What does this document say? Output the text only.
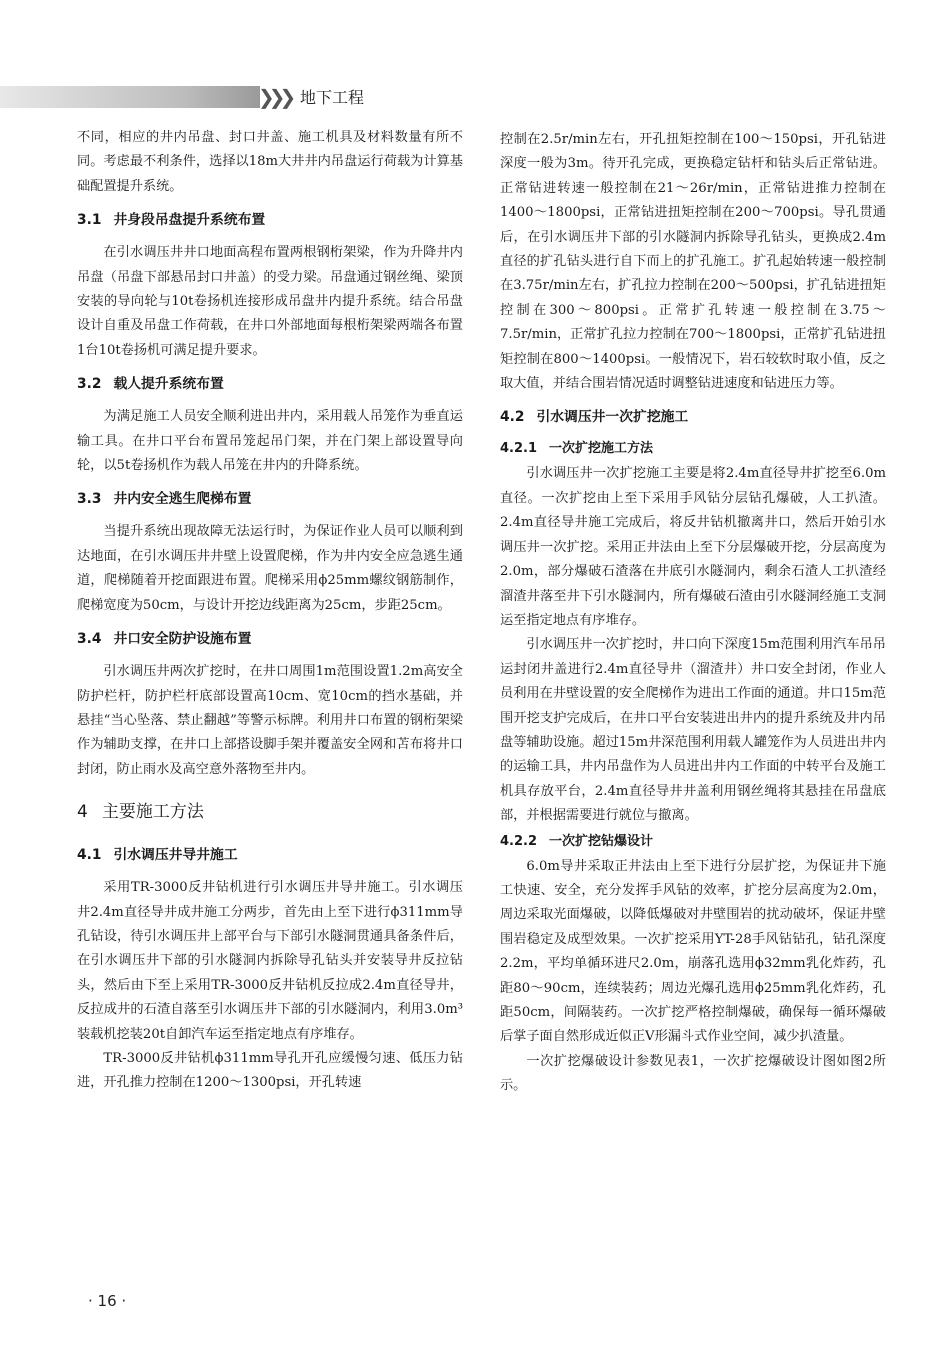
❯❯❯ 地下工程

不同，相应的井内吊盘、封口井盖、施工机具及材料数量有所不同。考虑最不利条件，选择以18m大井井内吊盘运行荷载为计算基础配置提升系统。

3.1 井身段吊盘提升系统布置

在引水调压井井口地面高程布置两根钢桁架梁，作为升降井内吊盘（吊盘下部悬吊封口井盖）的受力梁。吊盘通过钢丝绳、梁顶安装的导向轮与10t卷扬机连接形成吊盘井内提升系统。结合吊盘设计自重及吊盘工作荷载，在井口外部地面每根桁架梁两端各布置1台10t卷扬机可满足提升要求。

3.2 载人提升系统布置

为满足施工人员安全顺利进出井内，采用载人吊笼作为垂直运输工具。在井口平台布置吊笼起吊门架，并在门架上部设置导向轮，以5t卷扬机作为载人吊笼在井内的升降系统。

3.3 井内安全逃生爬梯布置

当提升系统出现故障无法运行时，为保证作业人员可以顺利到达地面，在引水调压井井壁上设置爬梯，作为井内安全应急逃生通道，爬梯随着开挖面跟进布置。爬梯采用ϕ25mm螺纹钢筋制作，爬梯宽度为50cm，与设计开挖边线距离为25cm，步距25cm。

3.4 井口安全防护设施布置

引水调压井两次扩挖时，在井口周围1m范围设置1.2m高安全防护栏杆，防护栏杆底部设置高10cm、宽10cm的挡水基础，并悬挂“当心坠落、禁止翻越”等警示标牌。利用井口布置的钢桁架梁作为辅助支撑，在井口上部搭设脚手架并覆盖安全网和苫布将井口封闭，防止雨水及高空意外落物至井内。

4 主要施工方法
4.1 引水调压井导井施工

采用TR-3000反井钻机进行引水调压井导井施工。引水调压井2.4m直径导井成井施工分两步，首先由上至下进行ϕ311mm导孔钻设，待引水调压井上部平台与下部引水隧洞贯通具备条件后，在引水调压井下部的引水隧洞内拆除导孔钻头并安装导井反拉钻头，然后由下至上采用TR-3000反井钻机反拉成2.4m直径导井，反拉成井的石渣自落至引水调压井下部的引水隧洞内，利用3.0m³装载机挖装20t自卸汽车运至指定地点有序堆存。

TR-3000反井钻机ϕ311mm导孔开孔应缓慢匀速、低压力钻进，开孔推力控制在1200～1300psi，开孔转速

控制在2.5r/min左右，开孔扭矩控制在100～150psi，开孔钻进深度一般为3m。待开孔完成，更换稳定钻杆和钻头后正常钻进。正常钻进转速一般控制在21～26r/min，正常钻进推力控制在1400～1800psi，正常钻进扭矩控制在200～700psi。导孔贯通后，在引水调压井下部的引水隧洞内拆除导孔钻头，更换成2.4m直径的扩孔钻头进行自下而上的扩孔施工。扩孔起始转速一般控制在3.75r/min左右，扩孔拉力控制在200～500psi，扩孔钻进扭矩控制在300～800psi。正常扩孔转速一般控制在3.75～7.5r/min，正常扩孔拉力控制在700～1800psi，正常扩孔钻进扭矩控制在800～1400psi。一般情况下，岩石较软时取小值，反之取大值，并结合围岩情况适时调整钻进速度和钻进压力等。

4.2 引水调压井一次扩挖施工
4.2.1 一次扩挖施工方法

引水调压井一次扩挖施工主要是将2.4m直径导井扩挖至6.0m直径。一次扩挖由上至下采用手风钻分层钻孔爆破，人工扒渣。2.4m直径导井施工完成后，将反井钻机撤离井口，然后开始引水调压井一次扩挖。采用正井法由上至下分层爆破开挖，分层高度为2.0m，部分爆破石渣落在井底引水隧洞内，剩余石渣人工扒渣经溜渣井落至井下引水隧洞内，所有爆破石渣由引水隧洞经施工支洞运至指定地点有序堆存。

引水调压井一次扩挖时，井口向下深度15m范围利用汽车吊吊运封闭井盖进行2.4m直径导井（溜渣井）井口安全封闭，作业人员利用在井壁设置的安全爬梯作为进出工作面的通道。井口15m范围开挖支护完成后，在井口平台安装进出井内的提升系统及井内吊盘等辅助设施。超过15m井深范围利用载人罐笼作为人员进出井内的运输工具，井内吊盘作为人员进出井内工作面的中转平台及施工机具存放平台，2.4m直径导井井盖利用钢丝绳将其悬挂在吊盘底部，并根据需要进行就位与撤离。

4.2.2 一次扩挖钻爆设计

6.0m导井采取正井法由上至下进行分层扩挖，为保证井下施工快速、安全，充分发挥手风钻的效率，扩挖分层高度为2.0m，周边采取光面爆破，以降低爆破对井壁围岩的扰动破坏，保证井壁围岩稳定及成型效果。一次扩挖采用YT-28手风钻钻孔，钻孔深度2.2m，平均单循环进尺2.0m，崩落孔选用ϕ32mm乳化炸药，孔距80～90cm，连续装药；周边光爆孔选用ϕ25mm乳化炸药，孔距50cm，间隔装药。一次扩挖严格控制爆破，确保每一循环爆破后掌子面自然形成近似正V形漏斗式作业空间，减少扒渣量。

一次扩挖爆破设计参数见表1，一次扩挖爆破设计图如图2所示。

· 16 ·
